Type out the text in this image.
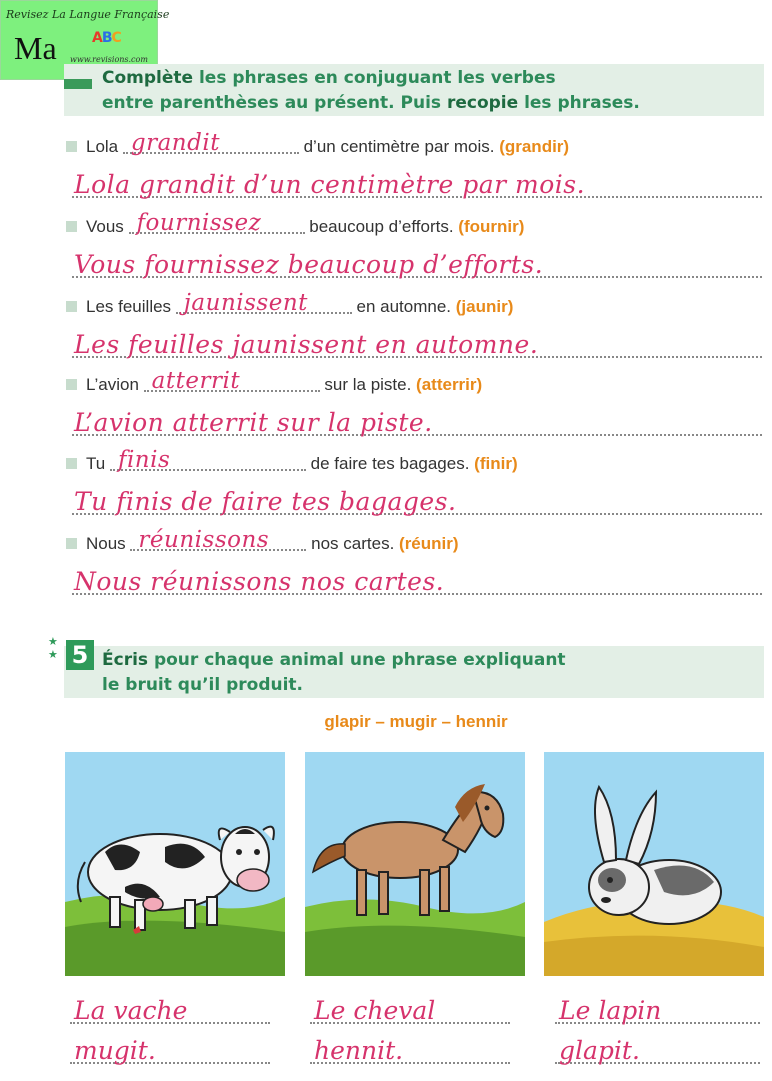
Revisez La Langue Française
Ma	ABC
www.revisions.com
Complète les phrases en conjuguant les verbes
entre parenthèses au présent. Puis recopie les phrases.
Lola grandit	d’un centimètre par mois. (grandir)
Lola grandit d’un centimètre par mois.
Vous fournissez	beaucoup d’efforts. (fournir)
Vous fournissez beaucoup d’efforts.
Les feuilles jaunissent	en automne. (jaunir)
Les feuilles jaunissent en automne.
L’avion atterrit	sur la piste. (atterrir)
L’avion atterrit sur la piste.
Tu finis	de faire tes bagages. (finir)
Tu finis de faire tes bagages.
Nous réunissons nos cartes. (réunir)
Nous réunissons nos cartes.
★
★ 5 Écris pour chaque animal une phrase expliquant
le bruit qu’il produit.
glapir – mugir – hennir
La vache
mugit.
Le cheval
hennit.
Le lapin
glapit.
